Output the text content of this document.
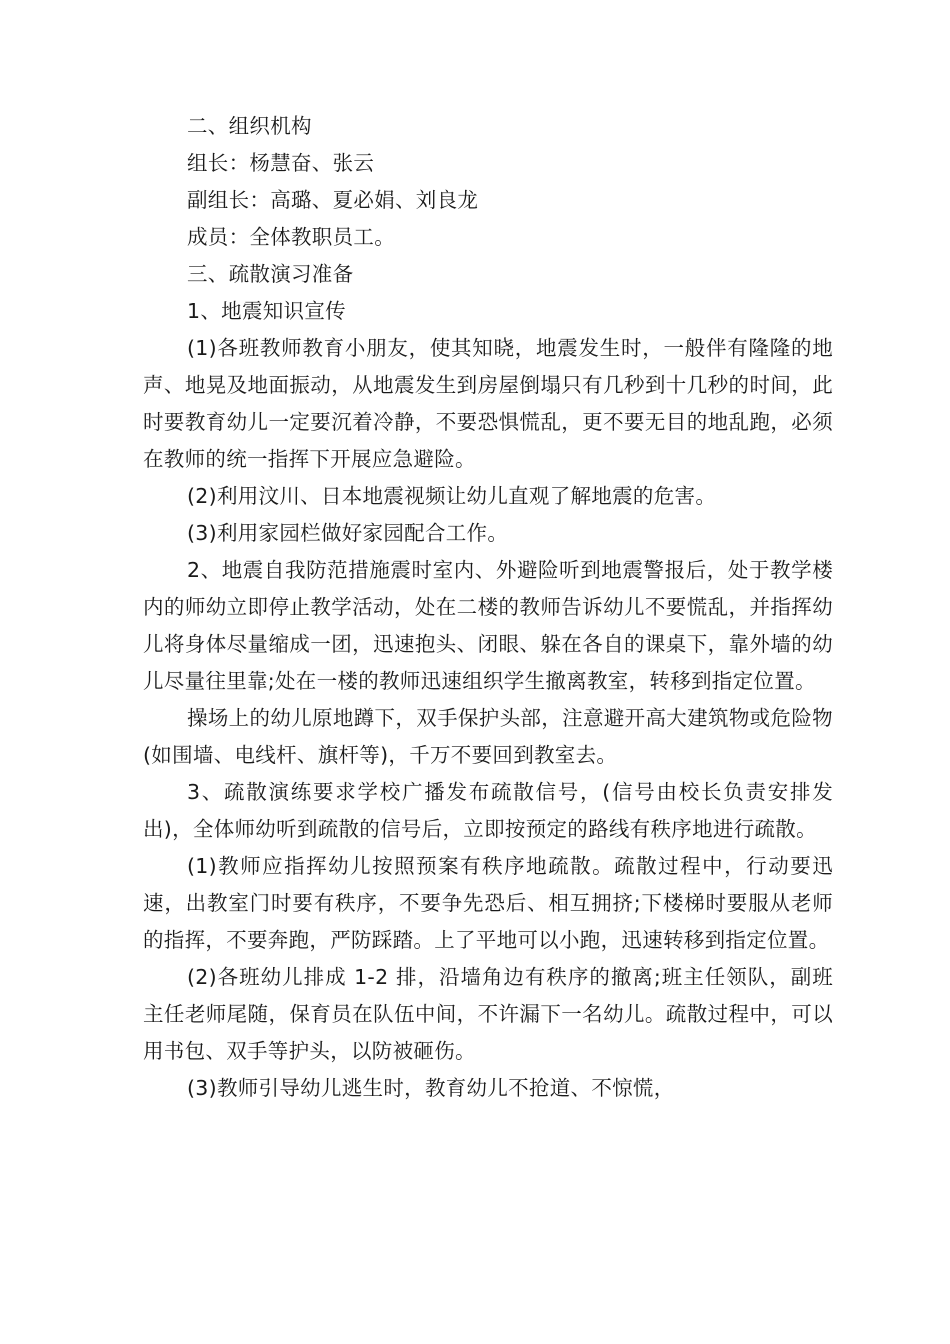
二、组织机构

组长：杨慧奋、张云

副组长：高璐、夏必娟、刘良龙

成员：全体教职员工。

三、疏散演习准备

1、地震知识宣传

(1)各班教师教育小朋友，使其知晓，地震发生时，一般伴有隆隆的地声、地晃及地面振动，从地震发生到房屋倒塌只有几秒到十几秒的时间，此时要教育幼儿一定要沉着冷静，不要恐惧慌乱，更不要无目的地乱跑，必须在教师的统一指挥下开展应急避险。

(2)利用汶川、日本地震视频让幼儿直观了解地震的危害。

(3)利用家园栏做好家园配合工作。

2、地震自我防范措施震时室内、外避险听到地震警报后，处于教学楼内的师幼立即停止教学活动，处在二楼的教师告诉幼儿不要慌乱，并指挥幼儿将身体尽量缩成一团，迅速抱头、闭眼、躲在各自的课桌下，靠外墙的幼儿尽量往里靠;处在一楼的教师迅速组织学生撤离教室，转移到指定位置。

操场上的幼儿原地蹲下，双手保护头部，注意避开高大建筑物或危险物(如围墙、电线杆、旗杆等)，千万不要回到教室去。

3、疏散演练要求学校广播发布疏散信号，(信号由校长负责安排发出)，全体师幼听到疏散的信号后，立即按预定的路线有秩序地进行疏散。

(1)教师应指挥幼儿按照预案有秩序地疏散。疏散过程中，行动要迅速，出教室门时要有秩序，不要争先恐后、相互拥挤;下楼梯时要服从老师的指挥，不要奔跑，严防踩踏。上了平地可以小跑，迅速转移到指定位置。

(2)各班幼儿排成 1-2 排，沿墙角边有秩序的撤离;班主任领队，副班主任老师尾随，保育员在队伍中间，不许漏下一名幼儿。疏散过程中，可以用书包、双手等护头，以防被砸伤。

(3)教师引导幼儿逃生时，教育幼儿不抢道、不惊慌，
